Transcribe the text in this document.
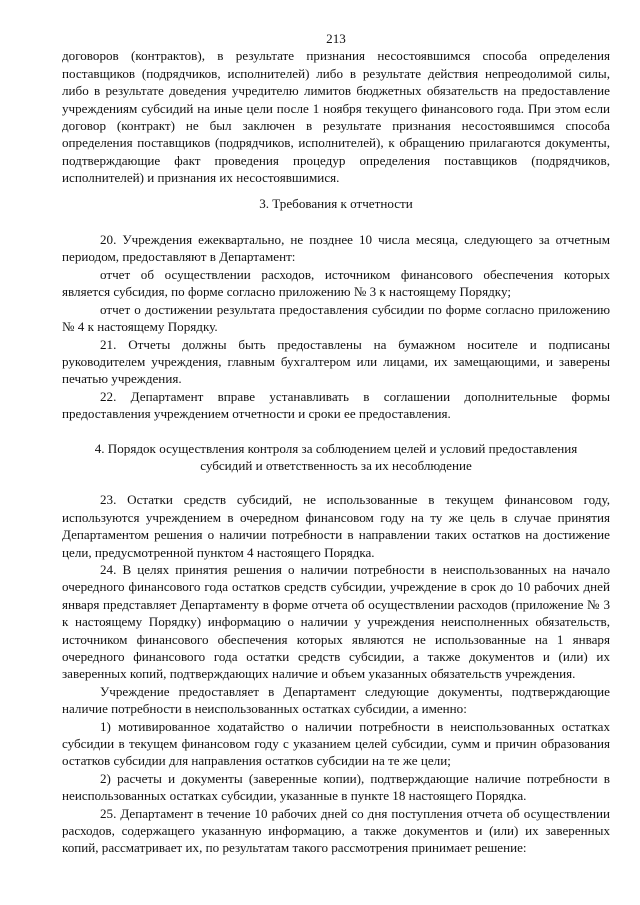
213

договоров (контрактов), в результате признания несостоявшимся способа определения поставщиков (подрядчиков, исполнителей) либо в результате действия непреодолимой силы, либо в результате доведения учредителю лимитов бюджетных обязательств на предоставление учреждениям субсидий на иные цели после 1 ноября текущего финансового года. При этом если договор (контракт) не был заключен в результате признания несостоявшимся способа определения поставщиков (подрядчиков, исполнителей), к обращению прилагаются документы, подтверждающие факт проведения процедур определения поставщиков (подрядчиков, исполнителей) и признания их несостоявшимися.

3. Требования к отчетности

20. Учреждения ежеквартально, не позднее 10 числа месяца, следующего за отчетным периодом, предоставляют в Департамент:

отчет об осуществлении расходов, источником финансового обеспечения которых является субсидия, по форме согласно приложению № 3 к настоящему Порядку;

отчет о достижении результата предоставления субсидии по форме согласно приложению № 4 к настоящему Порядку.

21. Отчеты должны быть предоставлены на бумажном носителе и подписаны руководителем учреждения, главным бухгалтером или лицами, их замещающими, и заверены печатью учреждения.

22. Департамент вправе устанавливать в соглашении дополнительные формы предоставления учреждением отчетности и сроки ее предоставления.

4. Порядок осуществления контроля за соблюдением целей и условий предоставления
субсидий и ответственность за их несоблюдение

23. Остатки средств субсидий, не использованные в текущем финансовом году, используются учреждением в очередном финансовом году на ту же цель в случае принятия Департаментом решения о наличии потребности в направлении таких остатков на достижение цели, предусмотренной пунктом 4 настоящего Порядка.

24. В целях принятия решения о наличии потребности в неиспользованных на начало очередного финансового года остатков средств субсидии, учреждение в срок до 10 рабочих дней января представляет Департаменту в форме отчета об осуществлении расходов (приложение № 3 к настоящему Порядку) информацию о наличии у учреждения неисполненных обязательств, источником финансового обеспечения которых являются не использованные на 1 января очередного финансового года остатки средств субсидии, а также документов и (или) их заверенных копий, подтверждающих наличие и объем указанных обязательств учреждения.

Учреждение предоставляет в Департамент следующие документы, подтверждающие наличие потребности в неиспользованных остатках субсидии, а именно:

1) мотивированное ходатайство о наличии потребности в неиспользованных остатках субсидии в текущем финансовом году с указанием целей субсидии, сумм и причин образования остатков субсидии для направления остатков субсидии на те же цели;

2) расчеты и документы (заверенные копии), подтверждающие наличие потребности в неиспользованных остатках субсидии, указанные в пункте 18 настоящего Порядка.

25. Департамент в течение 10 рабочих дней со дня поступления отчета об осуществлении расходов, содержащего указанную информацию, а также документов и (или) их заверенных копий, рассматривает их, по результатам такого рассмотрения принимает решение:
